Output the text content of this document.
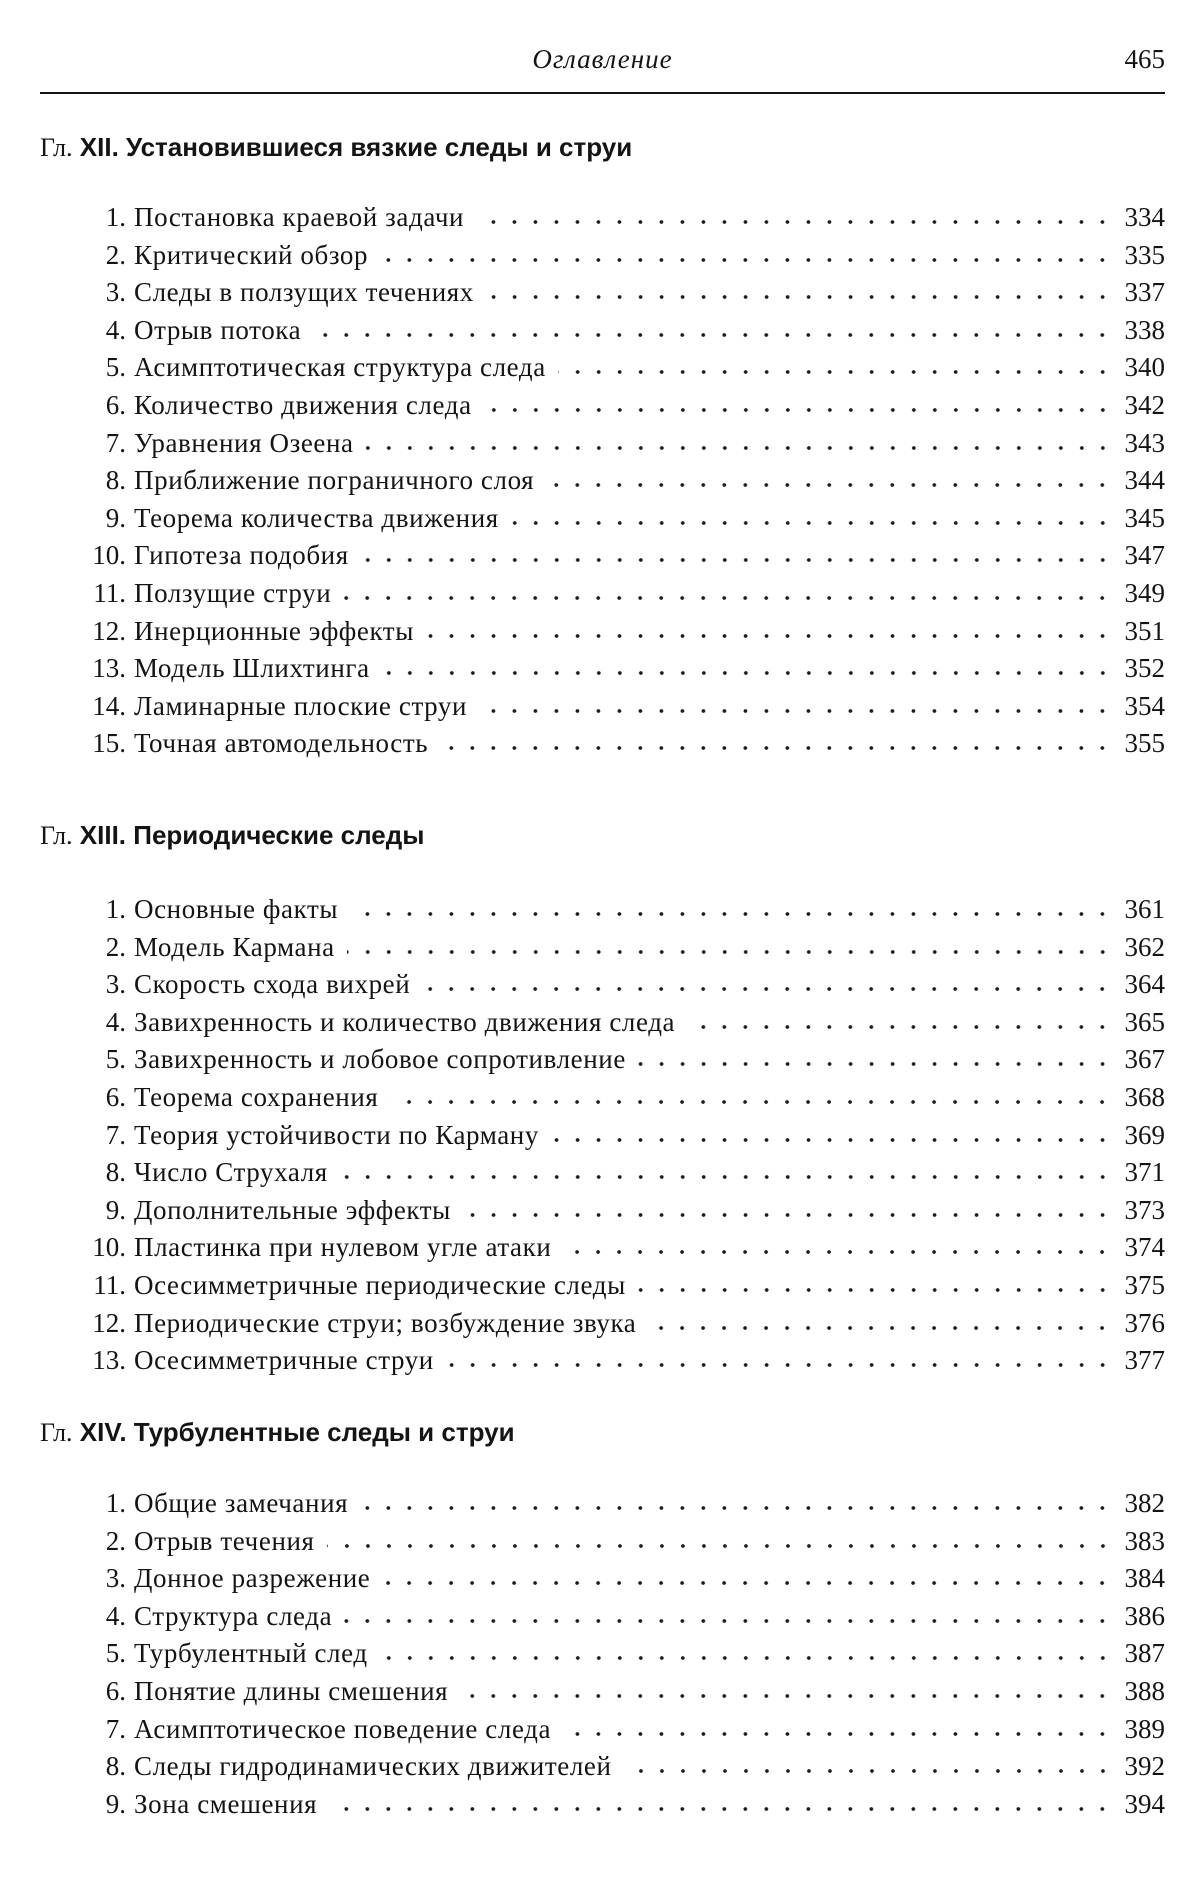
Оглавление	465
Гл. XII. Установившиеся вязкие следы и струи
1. Постановка краевой задачи	334
2. Критический обзор	335
3. Следы в ползущих течениях	337
4. Отрыв потока	338
5. Асимптотическая структура следа	340
6. Количество движения следа	342
7. Уравнения Озеена	343
8. Приближение пограничного слоя	344
9. Теорема количества движения	345
10. Гипотеза подобия	347
11. Ползущие струи	349
12. Инерционные эффекты	351
13. Модель Шлихтинга	352
14. Ламинарные плоские струи	354
15. Точная автомодельность	355
Гл. XIII. Периодические следы
1. Основные факты	361
2. Модель Кармана	362
3. Скорость схода вихрей	364
4. Завихренность и количество движения следа	365
5. Завихренность и лобовое сопротивление	367
6. Теорема сохранения	368
7. Теория устойчивости по Карману	369
8. Число Струхаля	371
9. Дополнительные эффекты	373
10. Пластинка при нулевом угле атаки	374
11. Осесимметричные периодические следы	375
12. Периодические струи; возбуждение звука	376
13. Осесимметричные струи	377
Гл. XIV. Турбулентные следы и струи
1. Общие замечания	382
2. Отрыв течения	383
3. Донное разрежение	384
4. Структура следа	386
5. Турбулентный след	387
6. Понятие длины смешения	388
7. Асимптотическое поведение следа	389
8. Следы гидродинамических движителей	392
9. Зона смешения	394
